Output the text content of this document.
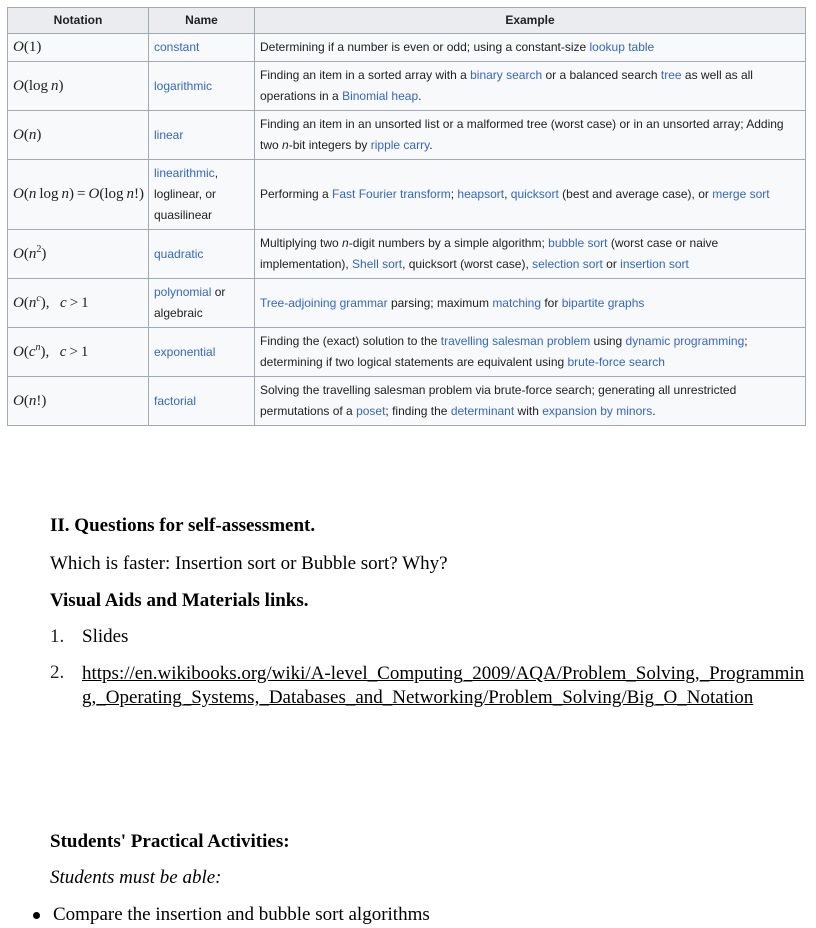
Notation	Name	Example
O(1)	constant	Determining if a number is even or odd; using a constant-size lookup table
O(log n)	logarithmic	Finding an item in a sorted array with a binary search or a balanced search tree as well as all operations in a Binomial heap.
O(n)	linear	Finding an item in an unsorted list or a malformed tree (worst case) or in an unsorted array; Adding two n-bit integers by ripple carry.
O(n log n) = O(log n!)	linearithmic, loglinear, or quasilinear	Performing a Fast Fourier transform; heapsort, quicksort (best and average case), or merge sort
$O(n^2)$	quadratic	Multiplying two n-digit numbers by a simple algorithm; bubble sort (worst case or naive implementation), Shell sort, quicksort (worst case), selection sort or insertion sort
$O(n^c)$,   c > 1	polynomial or algebraic	Tree-adjoining grammar parsing; maximum matching for bipartite graphs
$O(c^n)$,   c > 1	exponential	Finding the (exact) solution to the travelling salesman problem using dynamic programming; determining if two logical statements are equivalent using brute-force search
O(n!)	factorial	Solving the travelling salesman problem via brute-force search; generating all unrestricted permutations of a poset; finding the determinant with expansion by minors.
II. Questions for self-assessment.
Which is faster: Insertion sort or Bubble sort? Why?
Visual Aids and Materials links.
1. Slides
2. https://en.wikibooks.org/wiki/A-level_Computing_2009/AQA/Problem_Solving,_Programming,_Operating_Systems,_Databases_and_Networking/Problem_Solving/Big_O_Notation
Students' Practical Activities:
Students must be able:
Compare the insertion and bubble sort algorithms
